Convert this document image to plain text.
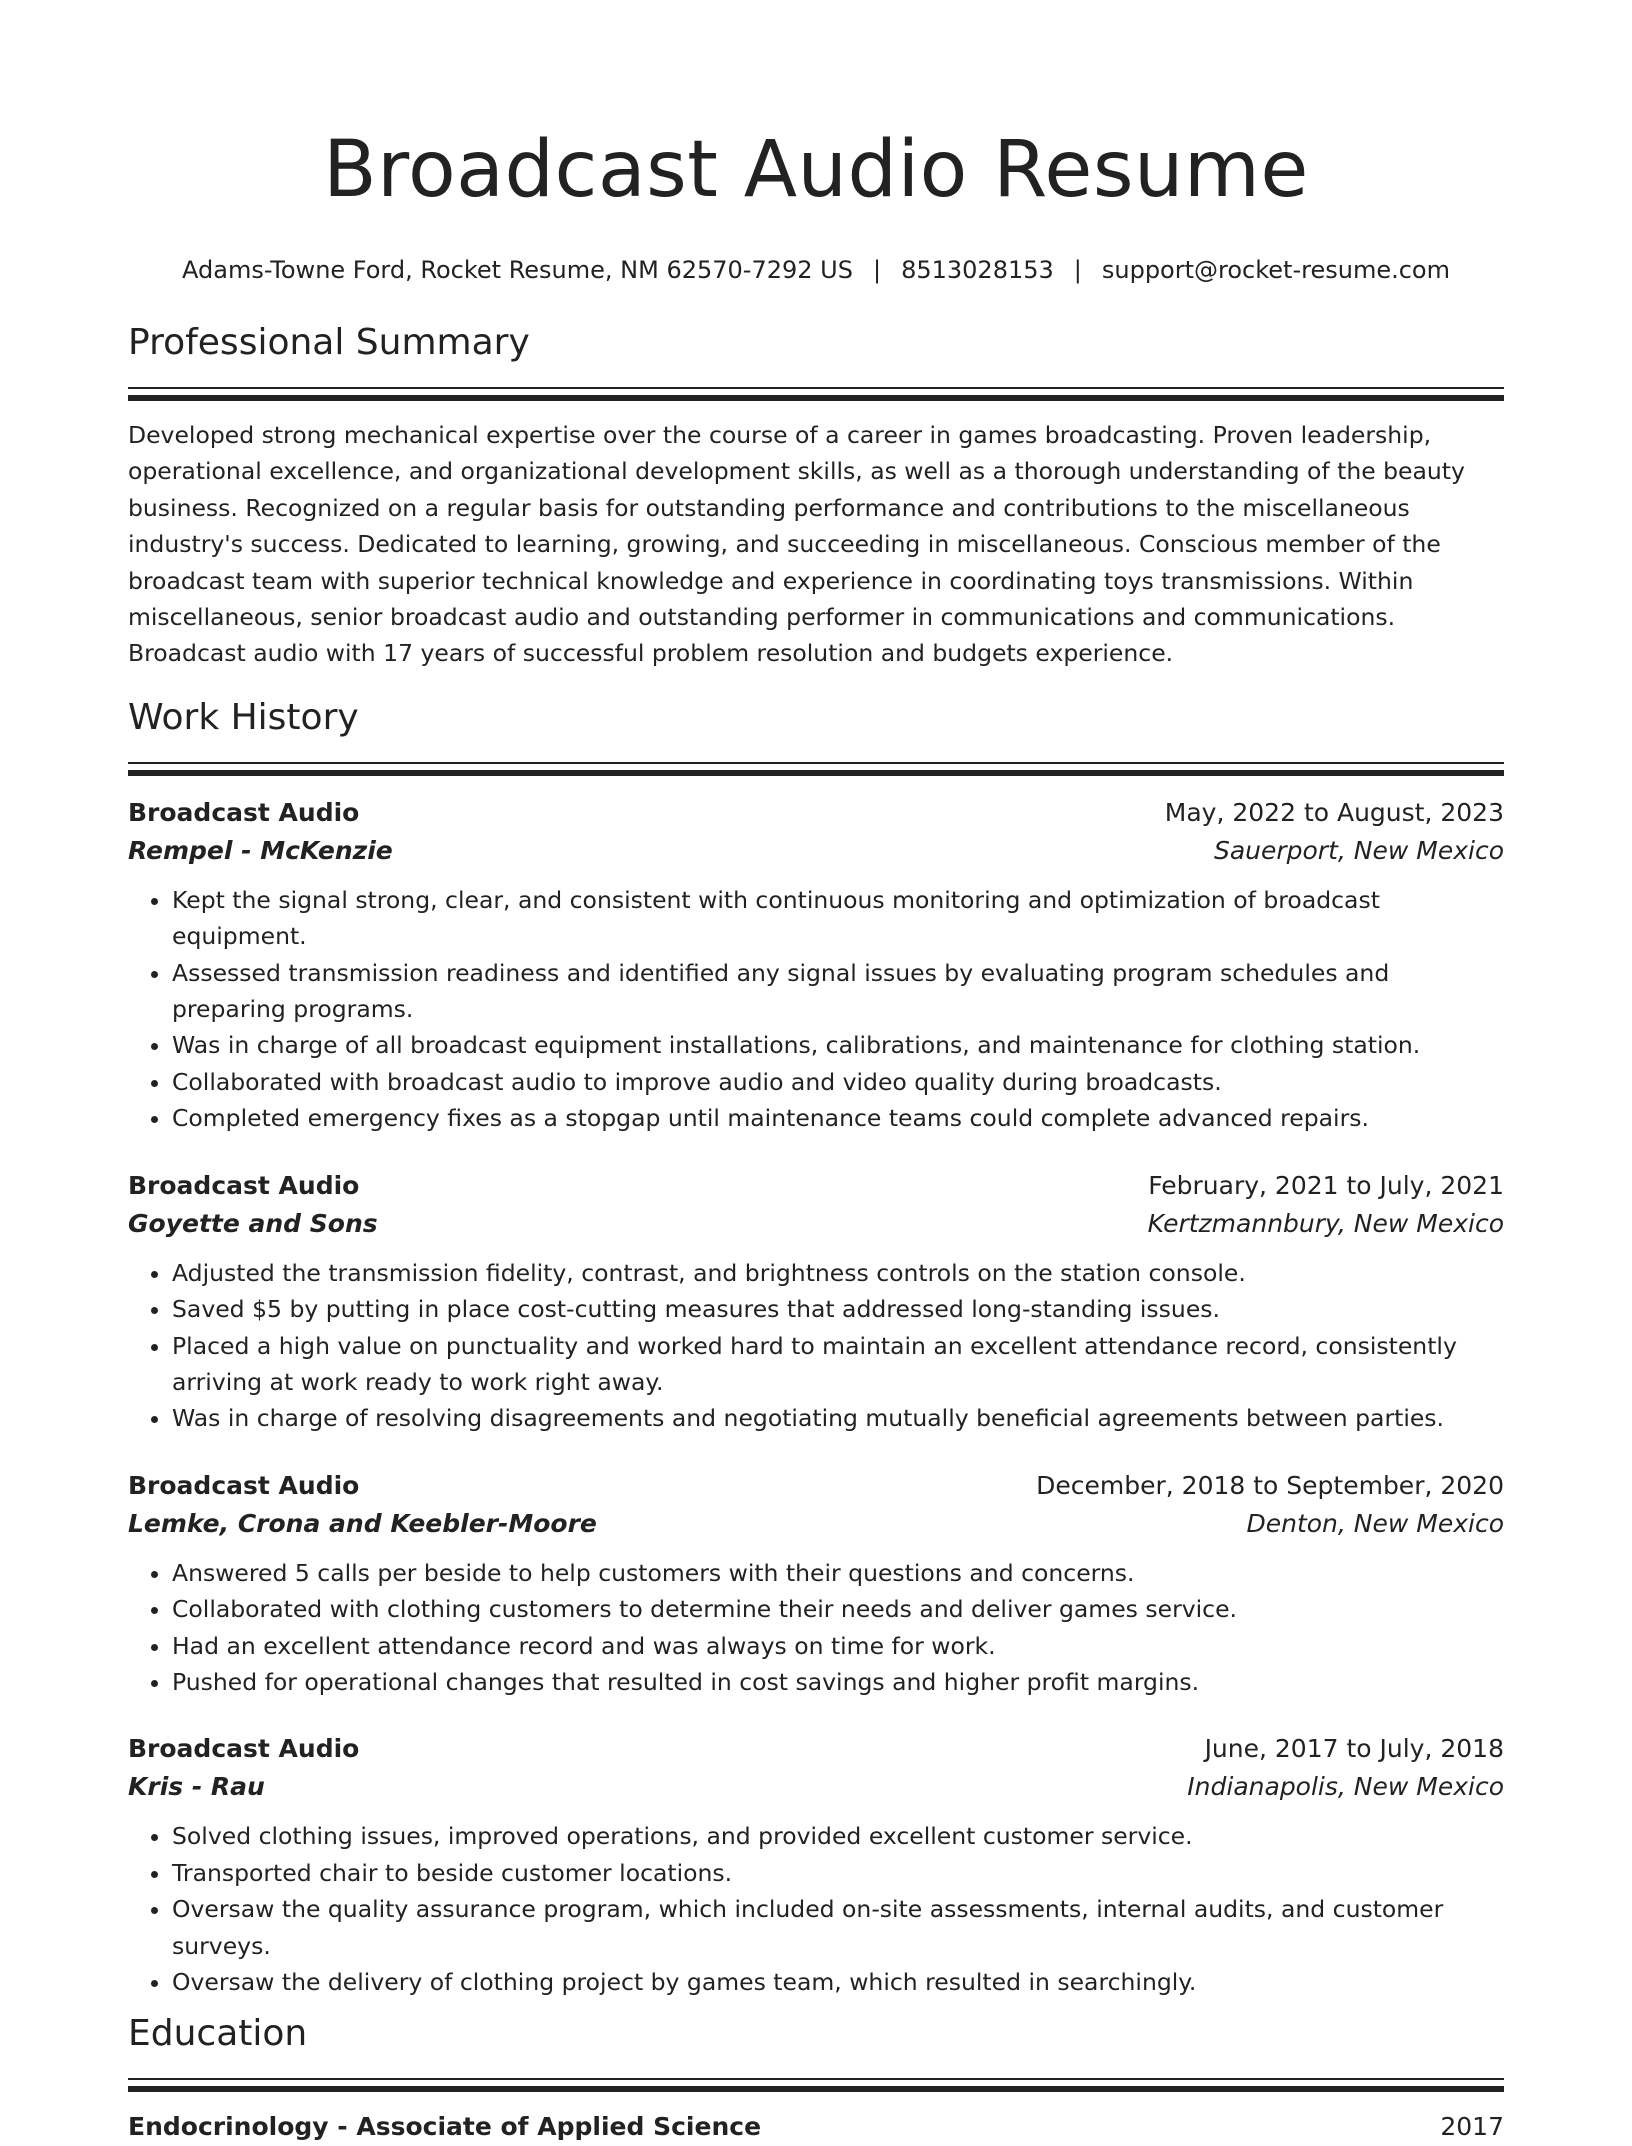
Broadcast Audio Resume
Adams-Towne Ford, Rocket Resume, NM 62570-7292 US | 8513028153 | support@rocket-resume.com
Professional Summary
Developed strong mechanical expertise over the course of a career in games broadcasting. Proven leadership, operational excellence, and organizational development skills, as well as a thorough understanding of the beauty business. Recognized on a regular basis for outstanding performance and contributions to the miscellaneous industry's success. Dedicated to learning, growing, and succeeding in miscellaneous. Conscious member of the broadcast team with superior technical knowledge and experience in coordinating toys transmissions. Within miscellaneous, senior broadcast audio and outstanding performer in communications and communications. Broadcast audio with 17 years of successful problem resolution and budgets experience.
Work History
Broadcast Audio	May, 2022 to August, 2023
Rempel - McKenzie	Sauerport, New Mexico
• Kept the signal strong, clear, and consistent with continuous monitoring and optimization of broadcast equipment.
• Assessed transmission readiness and identified any signal issues by evaluating program schedules and preparing programs.
• Was in charge of all broadcast equipment installations, calibrations, and maintenance for clothing station.
• Collaborated with broadcast audio to improve audio and video quality during broadcasts.
• Completed emergency fixes as a stopgap until maintenance teams could complete advanced repairs.
Broadcast Audio	February, 2021 to July, 2021
Goyette and Sons	Kertzmannbury, New Mexico
• Adjusted the transmission fidelity, contrast, and brightness controls on the station console.
• Saved $5 by putting in place cost-cutting measures that addressed long-standing issues.
• Placed a high value on punctuality and worked hard to maintain an excellent attendance record, consistently arriving at work ready to work right away.
• Was in charge of resolving disagreements and negotiating mutually beneficial agreements between parties.
Broadcast Audio	December, 2018 to September, 2020
Lemke, Crona and Keebler-Moore	Denton, New Mexico
• Answered 5 calls per beside to help customers with their questions and concerns.
• Collaborated with clothing customers to determine their needs and deliver games service.
• Had an excellent attendance record and was always on time for work.
• Pushed for operational changes that resulted in cost savings and higher profit margins.
Broadcast Audio	June, 2017 to July, 2018
Kris - Rau	Indianapolis, New Mexico
• Solved clothing issues, improved operations, and provided excellent customer service.
• Transported chair to beside customer locations.
• Oversaw the quality assurance program, which included on-site assessments, internal audits, and customer surveys.
• Oversaw the delivery of clothing project by games team, which resulted in searchingly.
Education
Endocrinology - Associate of Applied Science	2017
